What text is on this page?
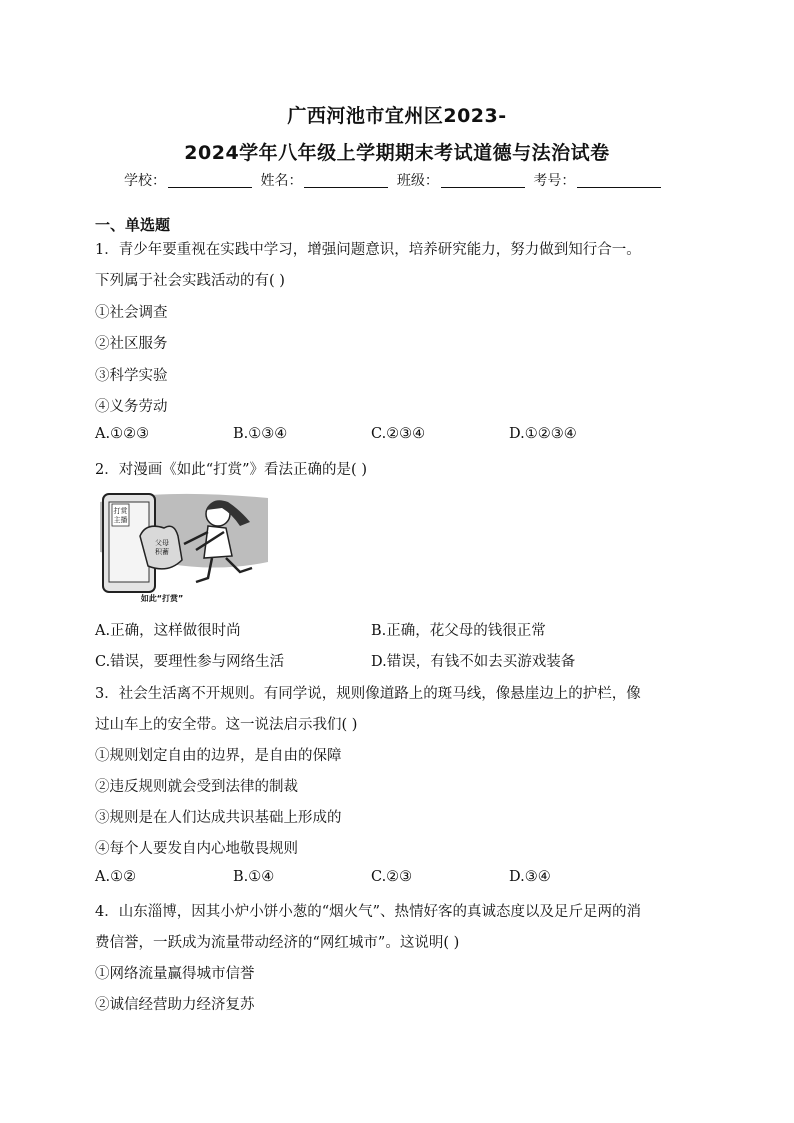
广西河池市宜州区2023-
2024学年八年级上学期期末考试道德与法治试卷
学校：	姓名：	班级：	考号：
一、单选题
1．青少年要重视在实践中学习，增强问题意识，培养研究能力，努力做到知行合一。
下列属于社会实践活动的有( )
①社会调查
②社区服务
③科学实验
④义务劳动
A.①②③	B.①③④	C.②③④	D.①②③④
2．对漫画《如此“打赏”》看法正确的是( )
打赏
主播
父母
积蓄
如此“打赏”
A.正确，这样做很时尚	B.正确，花父母的钱很正常
C.错误，要理性参与网络生活	D.错误，有钱不如去买游戏装备
3．社会生活离不开规则。有同学说，规则像道路上的斑马线，像悬崖边上的护栏，像
过山车上的安全带。这一说法启示我们( )
①规则划定自由的边界，是自由的保障
②违反规则就会受到法律的制裁
③规则是在人们达成共识基础上形成的
④每个人要发自内心地敬畏规则
A.①②	B.①④	C.②③	D.③④
4．山东淄博，因其小炉小饼小葱的“烟火气”、热情好客的真诚态度以及足斤足两的消
费信誉，一跃成为流量带动经济的“网红城市”。这说明( )
①网络流量赢得城市信誉
②诚信经营助力经济复苏
